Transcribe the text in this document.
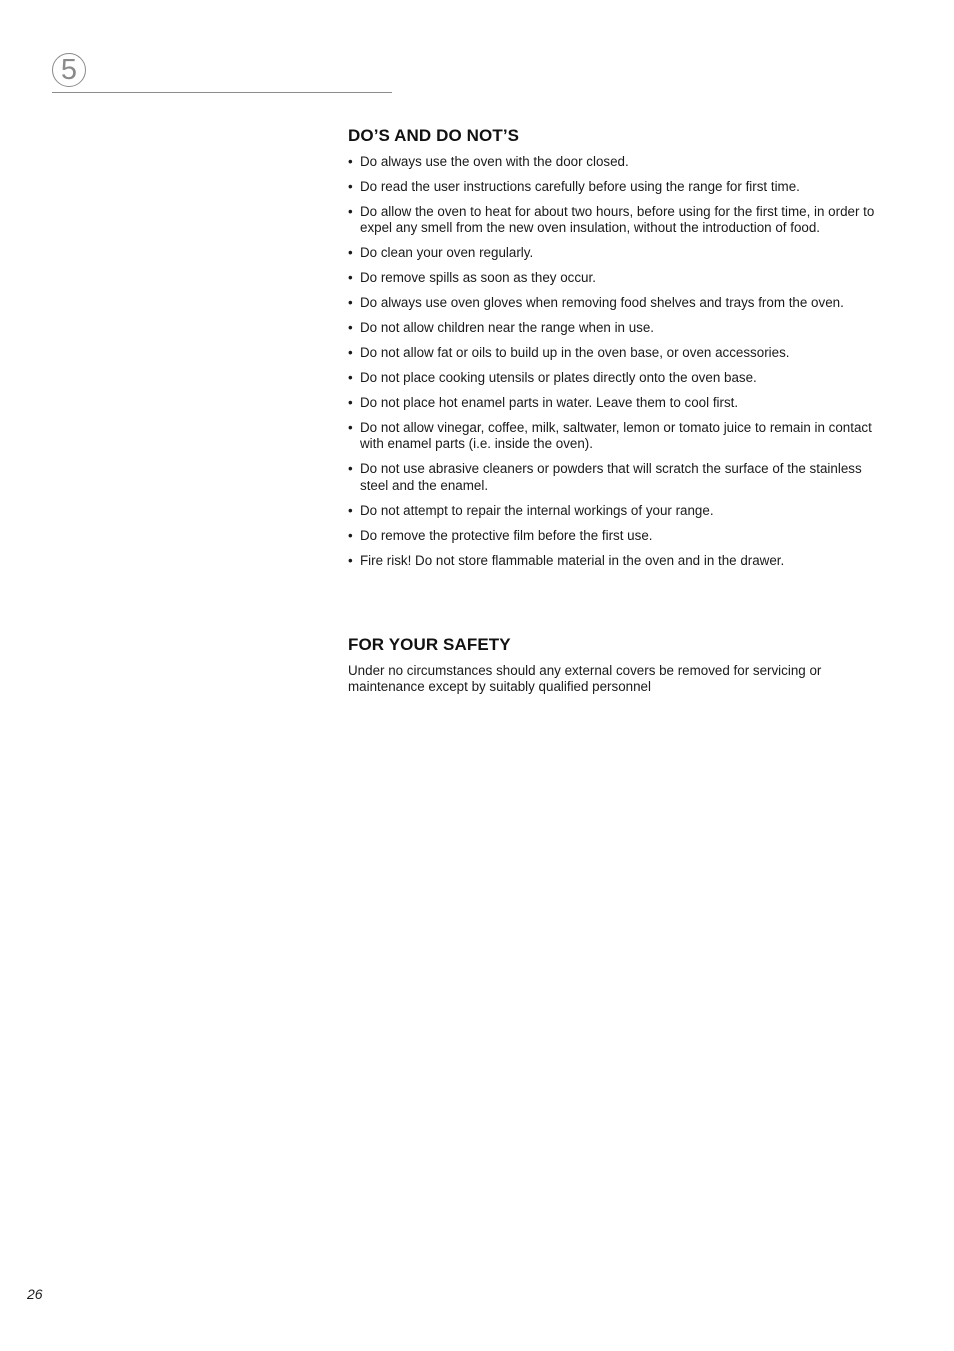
5
DO’S AND DO NOT’S
• Do always use the oven with the door closed.
• Do read the user instructions carefully before using the range for first time.
• Do allow the oven to heat for about two hours, before using for the first time, in order to expel any smell from the new oven insulation, without the introduction of food.
• Do clean your oven regularly.
• Do remove spills as soon as they occur.
• Do always use oven gloves when removing food shelves and trays from the oven.
• Do not allow children near the range when in use.
• Do not allow fat or oils to build up in the oven base, or oven accessories.
• Do not place cooking utensils or plates directly onto the oven base.
• Do not place hot enamel parts in water. Leave them to cool first.
• Do not allow vinegar, coffee, milk, saltwater, lemon or tomato juice to remain in contact with enamel parts (i.e. inside the oven).
• Do not use abrasive cleaners or powders that will scratch the surface of the stainless steel and the enamel.
• Do not attempt to repair the internal workings of your range.
• Do remove the protective film before the first use.
• Fire risk! Do not store flammable material in the oven and in the drawer.
FOR YOUR SAFETY

Under no circumstances should any external covers be removed for servicing or maintenance except by suitably qualified personnel

26
